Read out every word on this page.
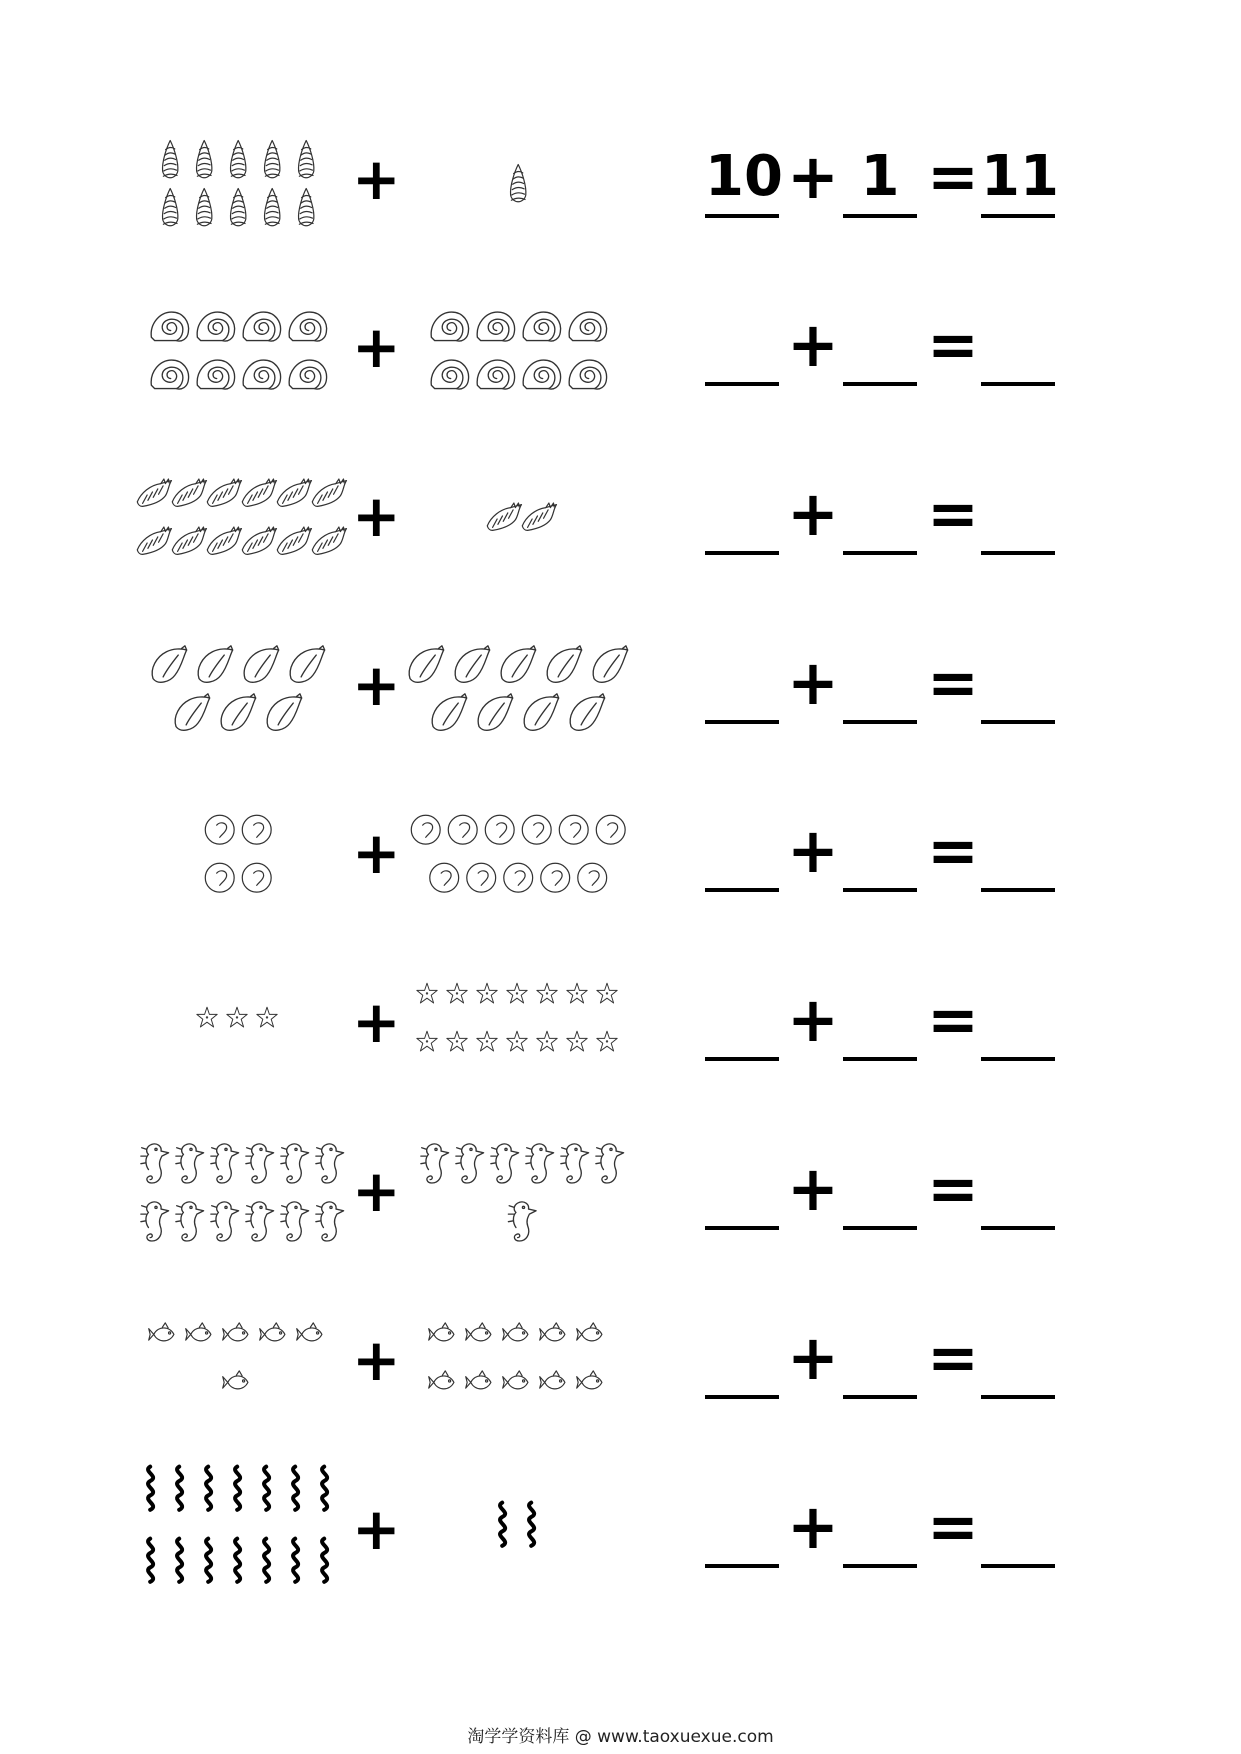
+	10 + 1 = 11
+	+ =
+	+ =
+	+ =
+	+ =
+	+ =
+	+ =
+	+ =
+	+ =
淘学学资料库 @ www.taoxuexue.com
